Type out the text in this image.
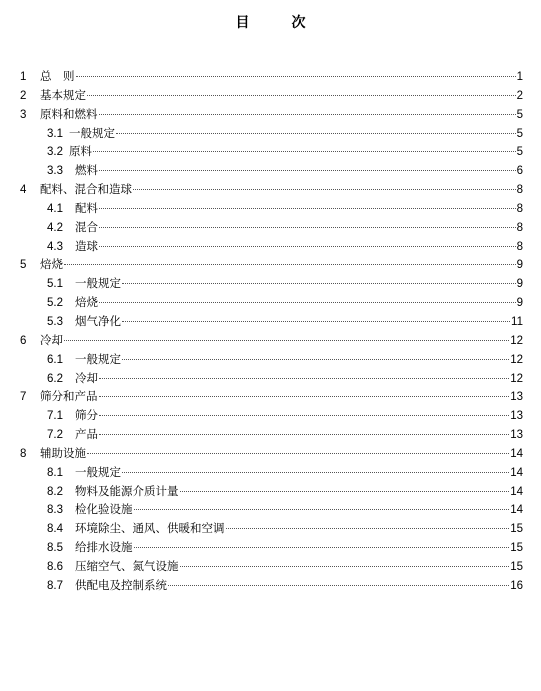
目　次
1	总　则	1
2	基本规定	2
3	原料和燃料	5
3.1 一般规定	5
3.2 原料	5
3.3	燃料	6
4	配料、混合和造球	8
4.1	配料	8
4.2	混合	8
4.3	造球	8
5	焙烧	9
5.1	一般规定	9
5.2	焙烧	9
5.3	烟气净化	11
6	冷却	12
6.1	一般规定	12
6.2	冷却	12
7	筛分和产品	13
7.1	筛分	13
7.2	产品	13
8	辅助设施	14
8.1	一般规定	14
8.2	物料及能源介质计量	14
8.3	检化验设施	14
8.4	环境除尘、通风、供暖和空调	15
8.5	给排水设施	15
8.6	压缩空气、氮气设施	15
8.7	供配电及控制系统	16
